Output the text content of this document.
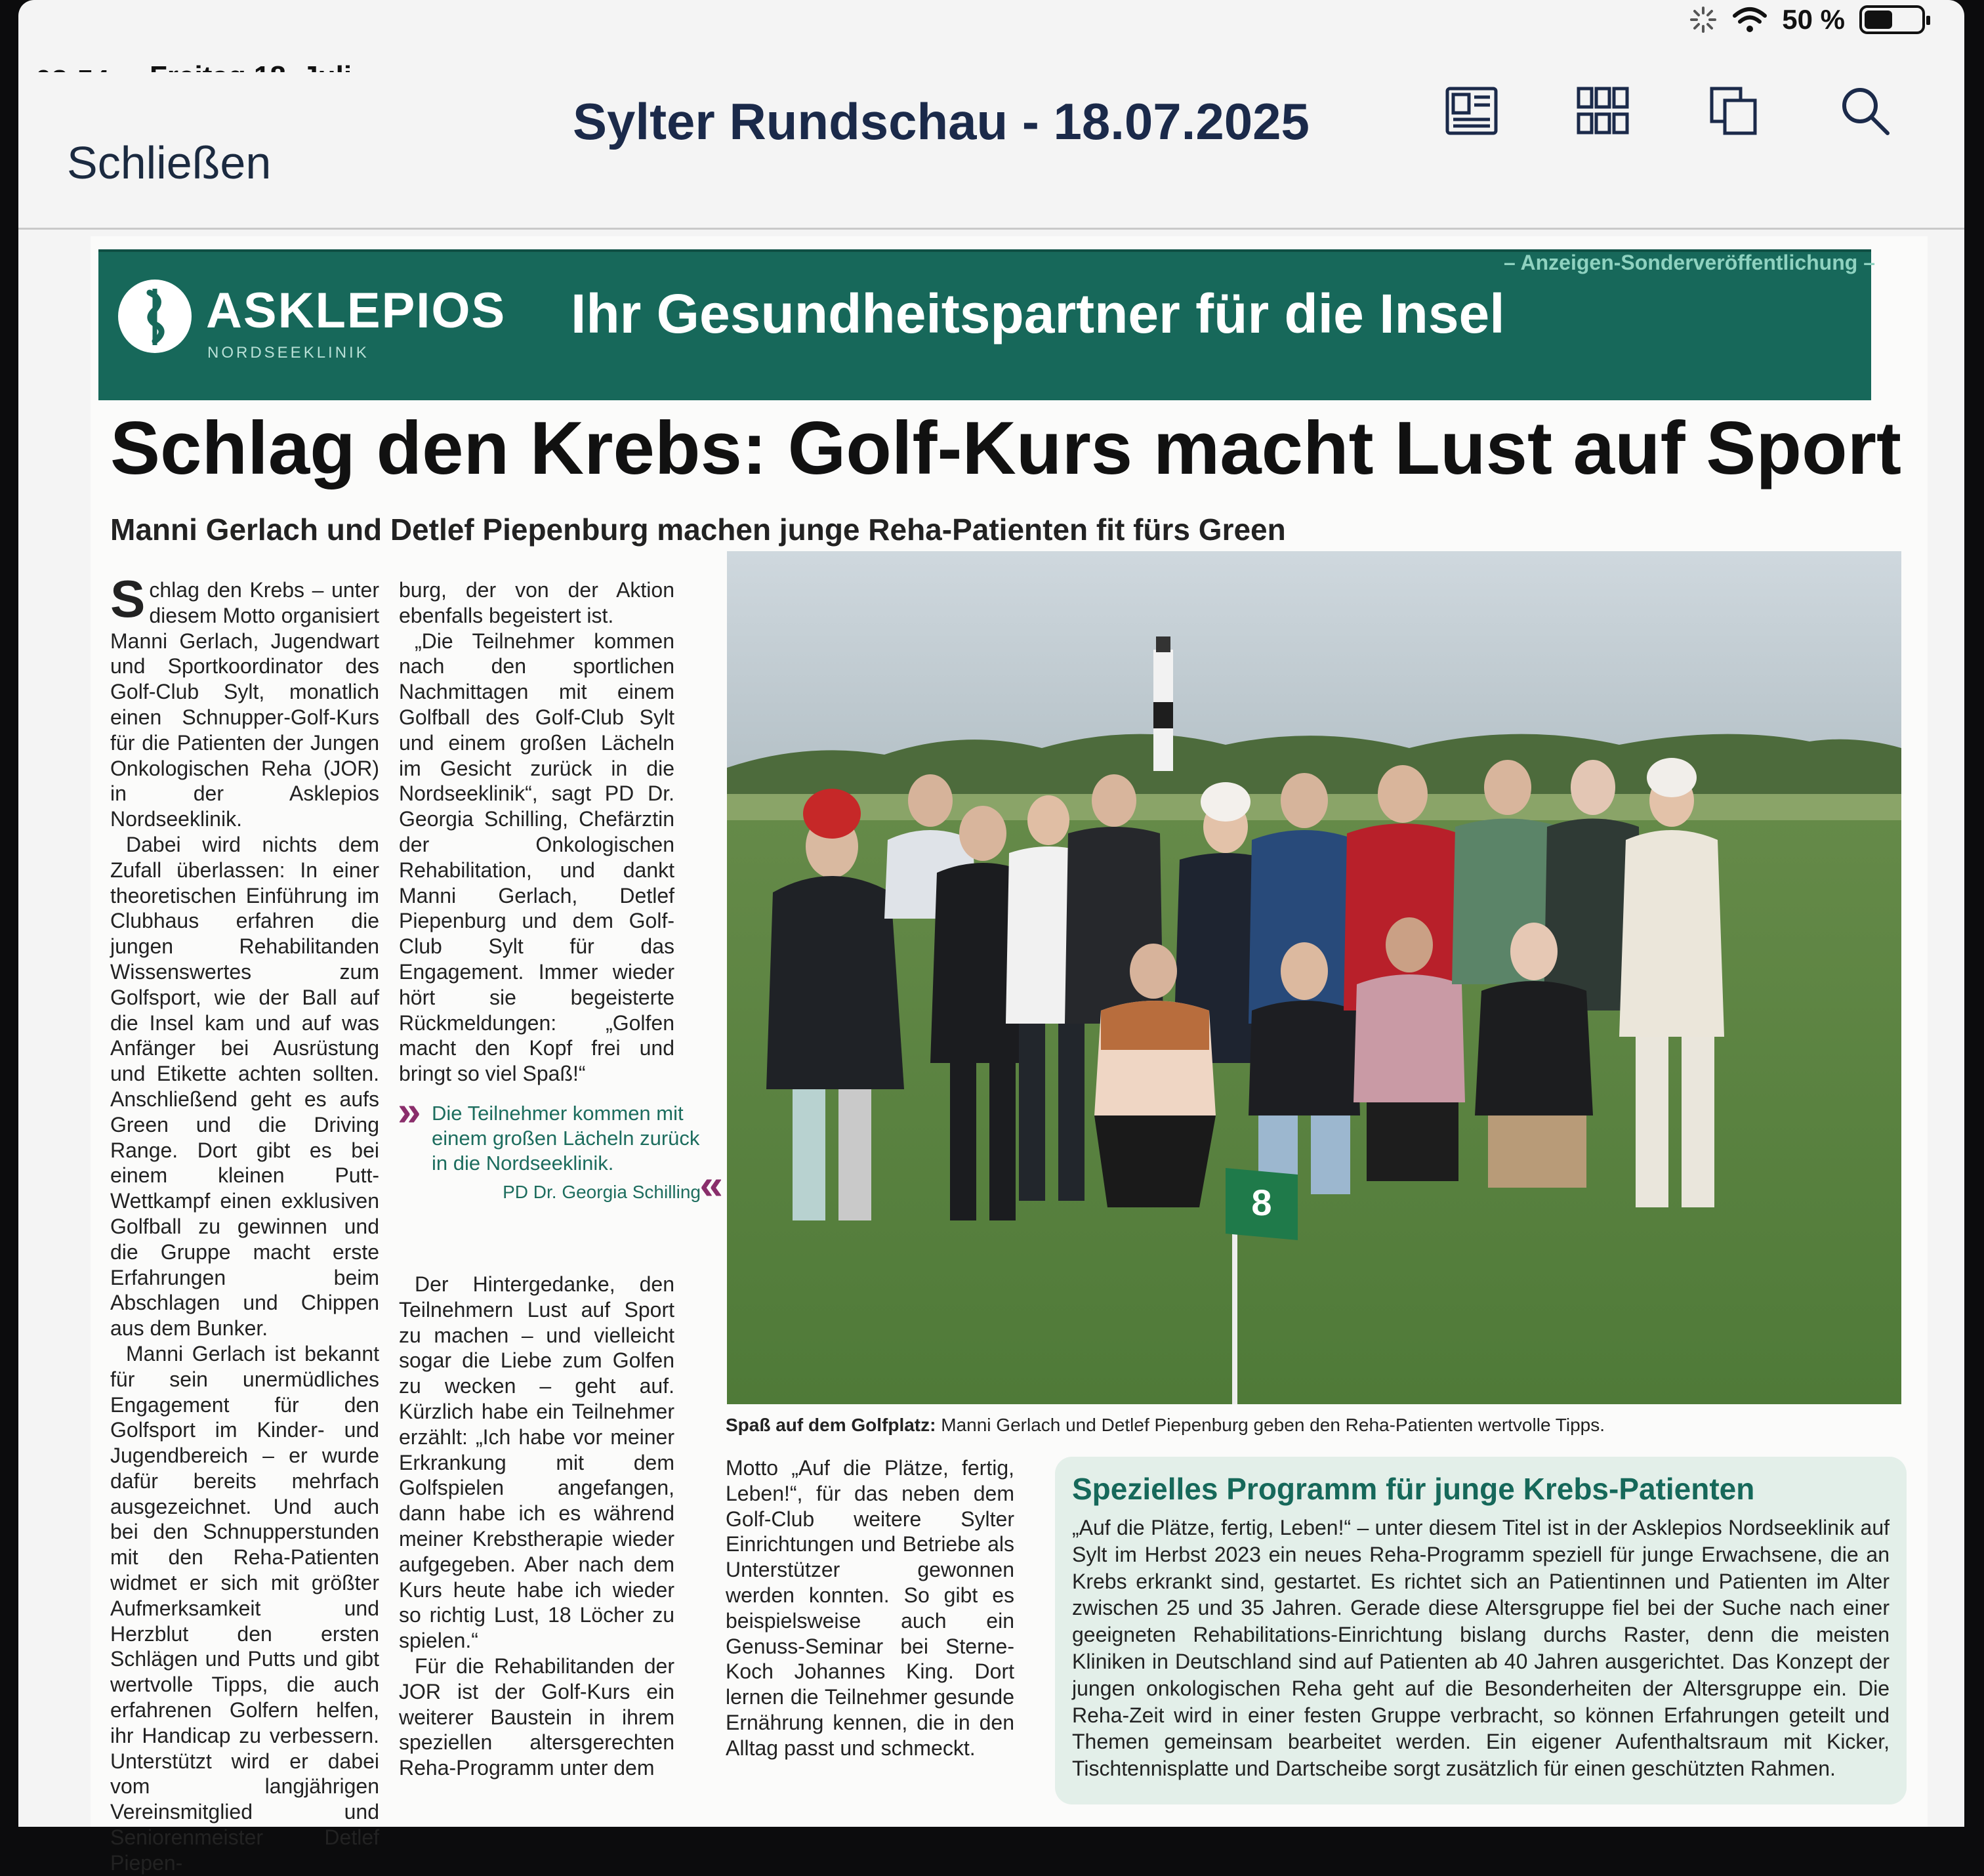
50 %
Schließen
Sylter Rundschau - 18.07.2025
– Anzeigen-Sonderveröffentlichung –
ASKLEPIOS
NORDSEEKLINIK
Ihr Gesundheitspartner für die Insel
Schlag den Krebs: Golf-Kurs macht Lust auf Sport
Manni Gerlach und Detlef Piepenburg machen junge Reha-Patienten fit fürs Green

Schlag den Krebs – unter diesem Motto organisiert Manni Gerlach, Jugendwart und Sportkoordinator des Golf-Club Sylt, monatlich einen Schnupper-Golf-Kurs für die Patienten der Jungen Onkologischen Reha (JOR) in der Asklepios Nordseeklinik.

Dabei wird nichts dem Zufall überlassen: In einer theoretischen Einführung im Clubhaus erfahren die jungen Rehabilitanden Wissenswertes zum Golfsport, wie der Ball auf die Insel kam und auf was Anfänger bei Ausrüstung und Etikette achten sollten. Anschließend geht es aufs Green und die Driving Range. Dort gibt es bei einem kleinen Putt-Wettkampf einen exklusiven Golfball zu gewinnen und die Gruppe macht erste Erfahrungen beim Abschlagen und Chippen aus dem Bunker.

Manni Gerlach ist bekannt für sein unermüdliches Engagement für den Golfsport im Kinder- und Jugendbereich – er wurde dafür bereits mehrfach ausgezeichnet. Und auch bei den Schnupperstunden mit den Reha-Patienten widmet er sich mit größter Aufmerksamkeit und Herzblut den ersten Schlägen und Putts und gibt wertvolle Tipps, die auch erfahrenen Golfern helfen, ihr Handicap zu verbessern. Unterstützt wird er dabei vom langjährigen Vereinsmitglied und Seniorenmeister Detlef Piepen-

burg, der von der Aktion ebenfalls begeistert ist.

„Die Teilnehmer kommen nach den sportlichen Nachmittagen mit einem Golfball des Golf-Club Sylt und einem großen Lächeln im Gesicht zurück in die Nordseeklinik“, sagt PD Dr. Georgia Schilling, Chefärztin der Onkologischen Rehabilitation, und dankt Manni Gerlach, Detlef Piepenburg und dem Golf-Club Sylt für das Engagement. Immer wieder hört sie begeisterte Rückmeldungen: „Golfen macht den Kopf frei und bringt so viel Spaß!“

» Die Teilnehmer kommen mit einem großen Lächeln zurück in die Nordseeklinik.	«
PD Dr. Georgia Schilling

Der Hintergedanke, den Teilnehmern Lust auf Sport zu machen – und vielleicht sogar die Liebe zum Golfen zu wecken – geht auf. Kürzlich habe ein Teilnehmer erzählt: „Ich habe vor meiner Erkrankung mit dem Golfspielen angefangen, dann habe ich es während meiner Krebstherapie wieder aufgegeben. Aber nach dem Kurs heute habe ich wieder so richtig Lust, 18 Löcher zu spielen.“

Für die Rehabilitanden der JOR ist der Golf-Kurs ein weiterer Baustein in ihrem speziellen altersgerechten Reha-Programm unter dem

8
Spaß auf dem Golfplatz: Manni Gerlach und Detlef Piepenburg geben den Reha-Patienten wertvolle Tipps.

Motto „Auf die Plätze, fertig, Leben!“, für das neben dem Golf-Club weitere Sylter Einrichtungen und Betriebe als Unterstützer gewonnen werden konnten. So gibt es beispielsweise auch ein Genuss-Seminar bei Sterne-Koch Johannes King. Dort lernen die Teilnehmer gesunde Ernährung kennen, die in den Alltag passt und schmeckt.

Spezielles Programm für junge Krebs-Patienten
„Auf die Plätze, fertig, Leben!“ – unter diesem Titel ist in der Asklepios Nordseeklinik auf Sylt im Herbst 2023 ein neues Reha-Programm speziell für junge Erwachsene, die an Krebs erkrankt sind, gestartet. Es richtet sich an Patientinnen und Patienten im Alter zwischen 25 und 35 Jahren. Gerade diese Altersgruppe fiel bei der Suche nach einer geeigneten Rehabilitations-Einrichtung bislang durchs Raster, denn die meisten Kliniken in Deutschland sind auf Patienten ab 40 Jahren ausgerichtet. Das Konzept der jungen onkologischen Reha geht auf die Besonderheiten der Altersgruppe ein. Die Reha-Zeit wird in einer festen Gruppe verbracht, so können Erfahrungen geteilt und Themen gemeinsam bearbeitet werden. Ein eigener Aufenthaltsraum mit Kicker, Tischtennisplatte und Dartscheibe sorgt zusätzlich für einen geschützten Rahmen.
